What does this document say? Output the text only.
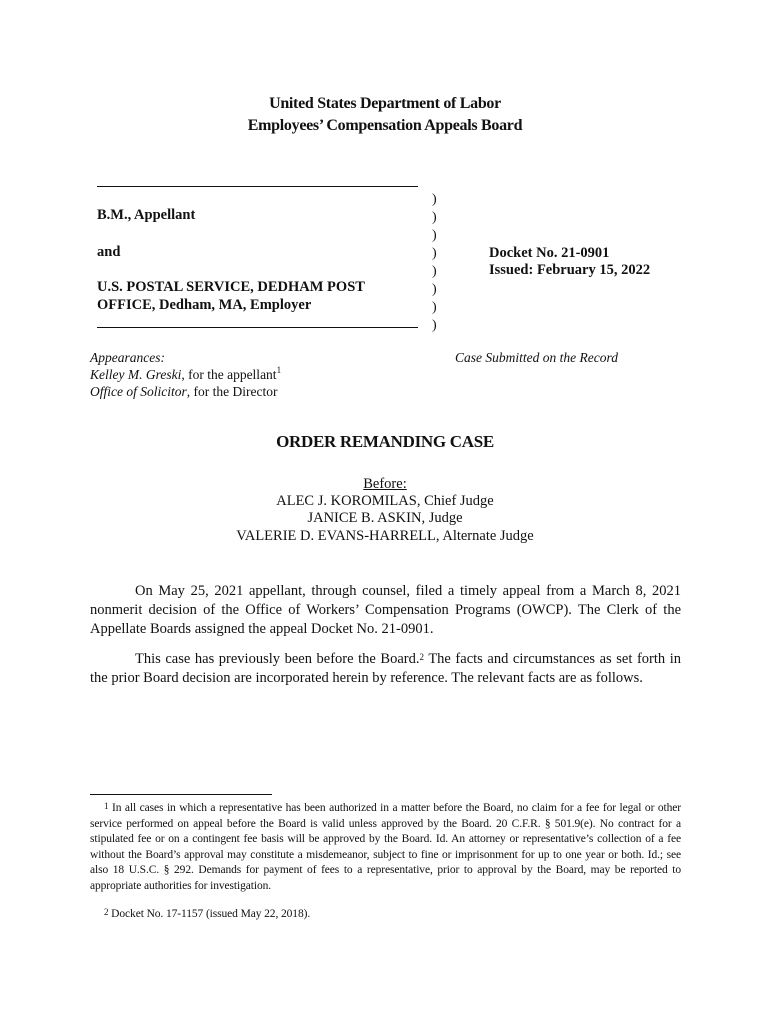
United States Department of Labor
Employees’ Compensation Appeals Board
B.M., Appellant
and
U.S. POSTAL SERVICE, DEDHAM POST
OFFICE, Dedham, MA, Employer
)
)
)
)
)
)
)
)
Docket No. 21-0901
Issued: February 15, 2022
Appearances:
Kelley M. Greski, for the appellant$^1$
Office of Solicitor, for the Director
Case Submitted on the Record
ORDER REMANDING CASE
Before:
ALEC J. KOROMILAS, Chief Judge
JANICE B. ASKIN, Judge
VALERIE D. EVANS-HARRELL, Alternate Judge
On May 25, 2021 appellant, through counsel, filed a timely appeal from a March 8, 2021 nonmerit decision of the Office of Workers’ Compensation Programs (OWCP). The Clerk of the Appellate Boards assigned the appeal Docket No. 21-0901.
This case has previously been before the Board.$^2$ The facts and circumstances as set forth in the prior Board decision are incorporated herein by reference. The relevant facts are as follows.
$^1$ In all cases in which a representative has been authorized in a matter before the Board, no claim for a fee for legal or other service performed on appeal before the Board is valid unless approved by the Board. 20 C.F.R. § 501.9(e). No contract for a stipulated fee or on a contingent fee basis will be approved by the Board. Id. An attorney or representative’s collection of a fee without the Board’s approval may constitute a misdemeanor, subject to fine or imprisonment for up to one year or both. Id.; see also 18 U.S.C. § 292. Demands for payment of fees to a representative, prior to approval by the Board, may be reported to appropriate authorities for investigation.
$^2$ Docket No. 17-1157 (issued May 22, 2018).
